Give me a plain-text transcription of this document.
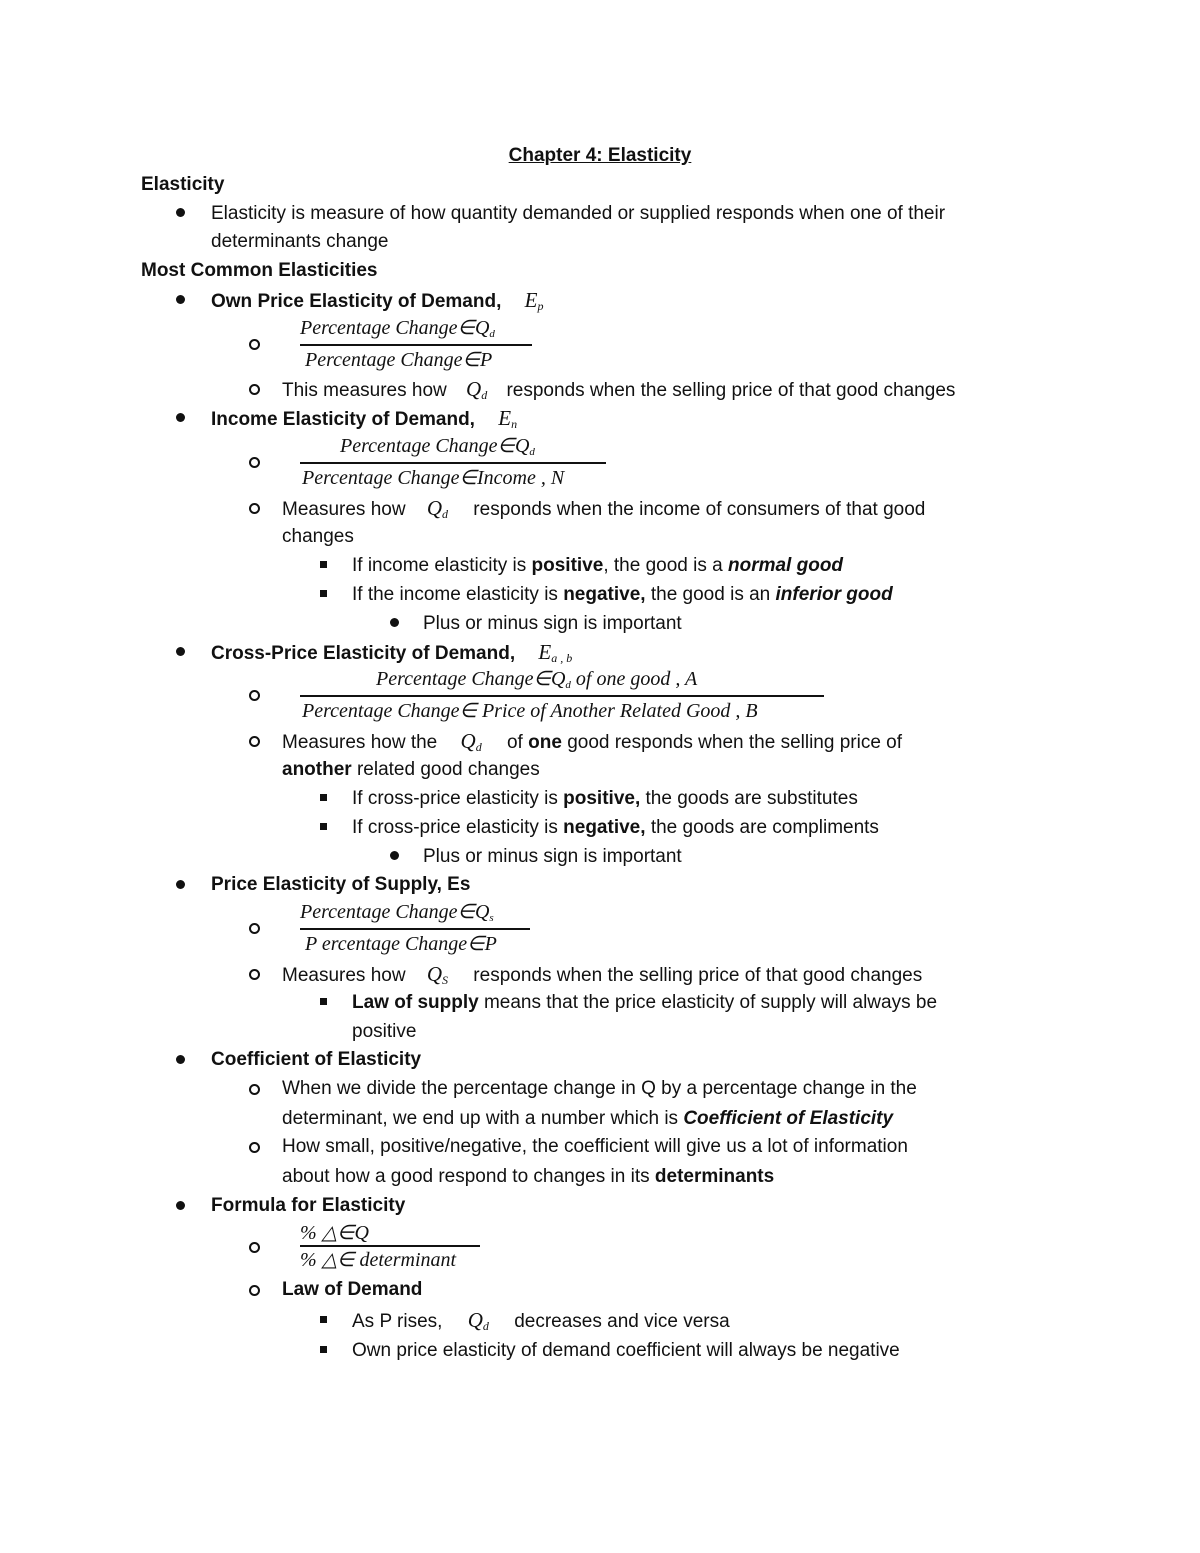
Chapter 4: Elasticity
Elasticity
Elasticity is measure of how quantity demanded or supplied responds when one of their
determinants change
Most Common Elasticities
Own Price Elasticity of Demand, $E_p$
Percentage $Change\in Q_d$
Percentage Change∈P
This measures how $Q_d$ responds when the selling price of that good changes
Income Elasticity of Demand, $E_n$
Percentage $Change\in Q_d$
Percentage Change∈Income , N
Measures how $Q_d$ responds when the income of consumers of that good
changes
If income elasticity is positive, the good is a normal good
If the income elasticity is negative, the good is an inferior good
Plus or minus sign is important
Cross-Price Elasticity of Demand, $E_{a , b}$
Percentage $Change\in Q_d$ of one good , A
Percentage Change∈ Price of Another Related Good , B
Measures how the $Q_d$ of one good responds when the selling price of
another related good changes
If cross-price elasticity is positive, the goods are substitutes
If cross-price elasticity is negative, the goods are compliments
Plus or minus sign is important
Price Elasticity of Supply, Es
Percentage $Change\in Q_s$
P ercentage Change∈P
Measures how $Q_S$ responds when the selling price of that good changes
Law of supply means that the price elasticity of supply will always be
positive
Coefficient of Elasticity
When we divide the percentage change in Q by a percentage change in the
determinant, we end up with a number which is Coefficient of Elasticity
How small, positive/negative, the coefficient will give us a lot of information
about how a good respond to changes in its determinants
Formula for Elasticity
% △∈Q
% △∈ determinant
Law of Demand
As P rises, $Q_d$ decreases and vice versa
Own price elasticity of demand coefficient will always be negative
